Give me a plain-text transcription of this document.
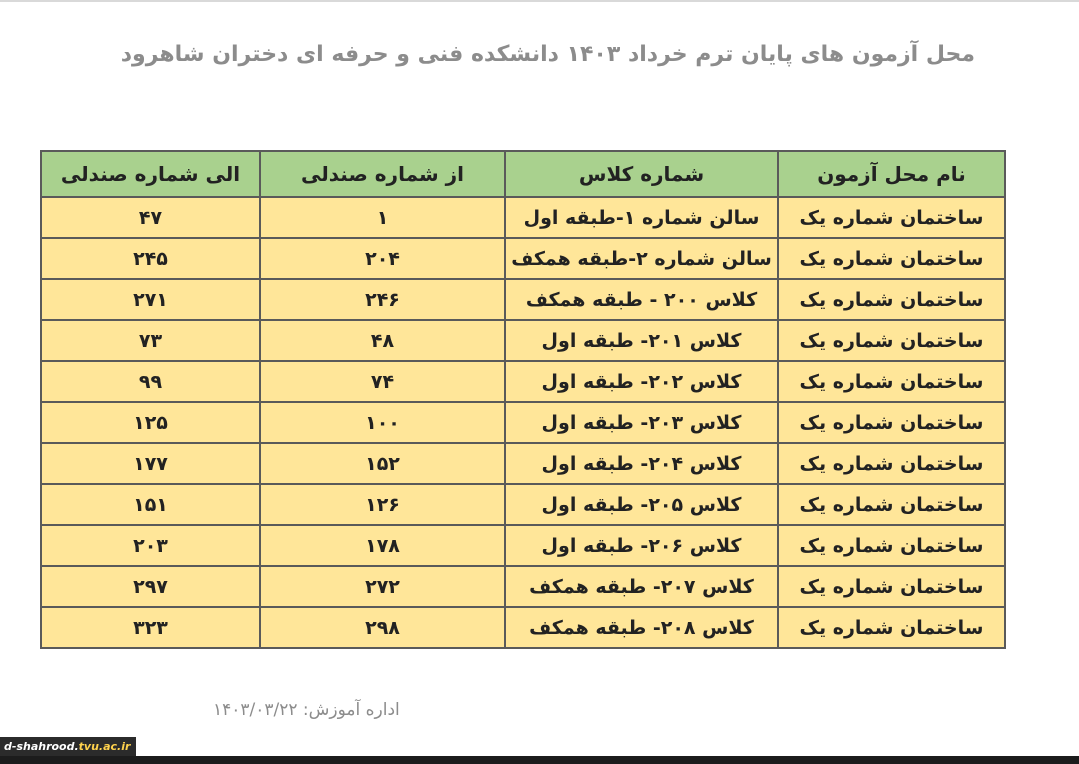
محل آزمون های پایان ترم خرداد ۱۴۰۳ دانشکده فنی و حرفه ای دختران شاهرود
نام محل آزمون	شماره کلاس	از شماره صندلی	الی شماره صندلی
ساختمان شماره یک	سالن شماره ۱-طبقه اول	۱	۴۷
ساختمان شماره یک	سالن شماره ۲-طبقه همکف	۲۰۴	۲۴۵
ساختمان شماره یک	کلاس ۲۰۰ - طبقه همکف	۲۴۶	۲۷۱
ساختمان شماره یک	کلاس ۲۰۱- طبقه اول	۴۸	۷۳
ساختمان شماره یک	کلاس ۲۰۲- طبقه اول	۷۴	۹۹
ساختمان شماره یک	کلاس ۲۰۳- طبقه اول	۱۰۰	۱۲۵
ساختمان شماره یک	کلاس ۲۰۴- طبقه اول	۱۵۲	۱۷۷
ساختمان شماره یک	کلاس ۲۰۵- طبقه اول	۱۲۶	۱۵۱
ساختمان شماره یک	کلاس ۲۰۶- طبقه اول	۱۷۸	۲۰۳
ساختمان شماره یک	کلاس ۲۰۷- طبقه همکف	۲۷۲	۲۹۷
ساختمان شماره یک	کلاس ۲۰۸- طبقه همکف	۲۹۸	۳۲۳
اداره آموزش: ۱۴۰۳/۰۳/۲۲
d-shahrood.tvu.ac.ir
